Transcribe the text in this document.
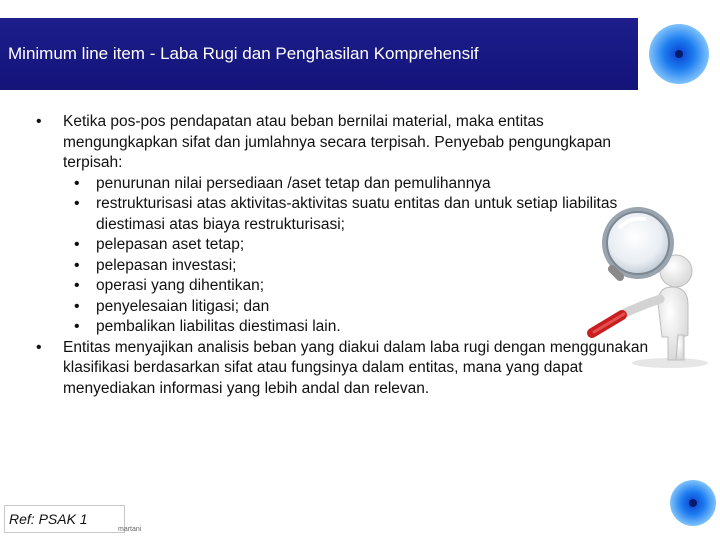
Minimum line item - Laba Rugi dan Penghasilan Komprehensif
• Ketika pos-pos pendapatan atau beban bernilai material, maka entitas mengungkapkan sifat dan jumlahnya secara terpisah. Penyebab pengungkapan terpisah:
• penurunan nilai persediaan /aset tetap dan pemulihannya
• restrukturisasi atas aktivitas-aktivitas suatu entitas dan untuk setiap liabilitas diestimasi atas biaya restrukturisasi;
• pelepasan aset tetap;
• pelepasan investasi;
• operasi yang dihentikan;
• penyelesaian litigasi; dan
• pembalikan liabilitas diestimasi lain.
• Entitas menyajikan analisis beban yang diakui dalam laba rugi dengan menggunakan klasifikasi berdasarkan sifat atau fungsinya dalam entitas, mana yang dapat menyediakan informasi yang lebih andal dan relevan.
Ref: PSAK 1
martani
